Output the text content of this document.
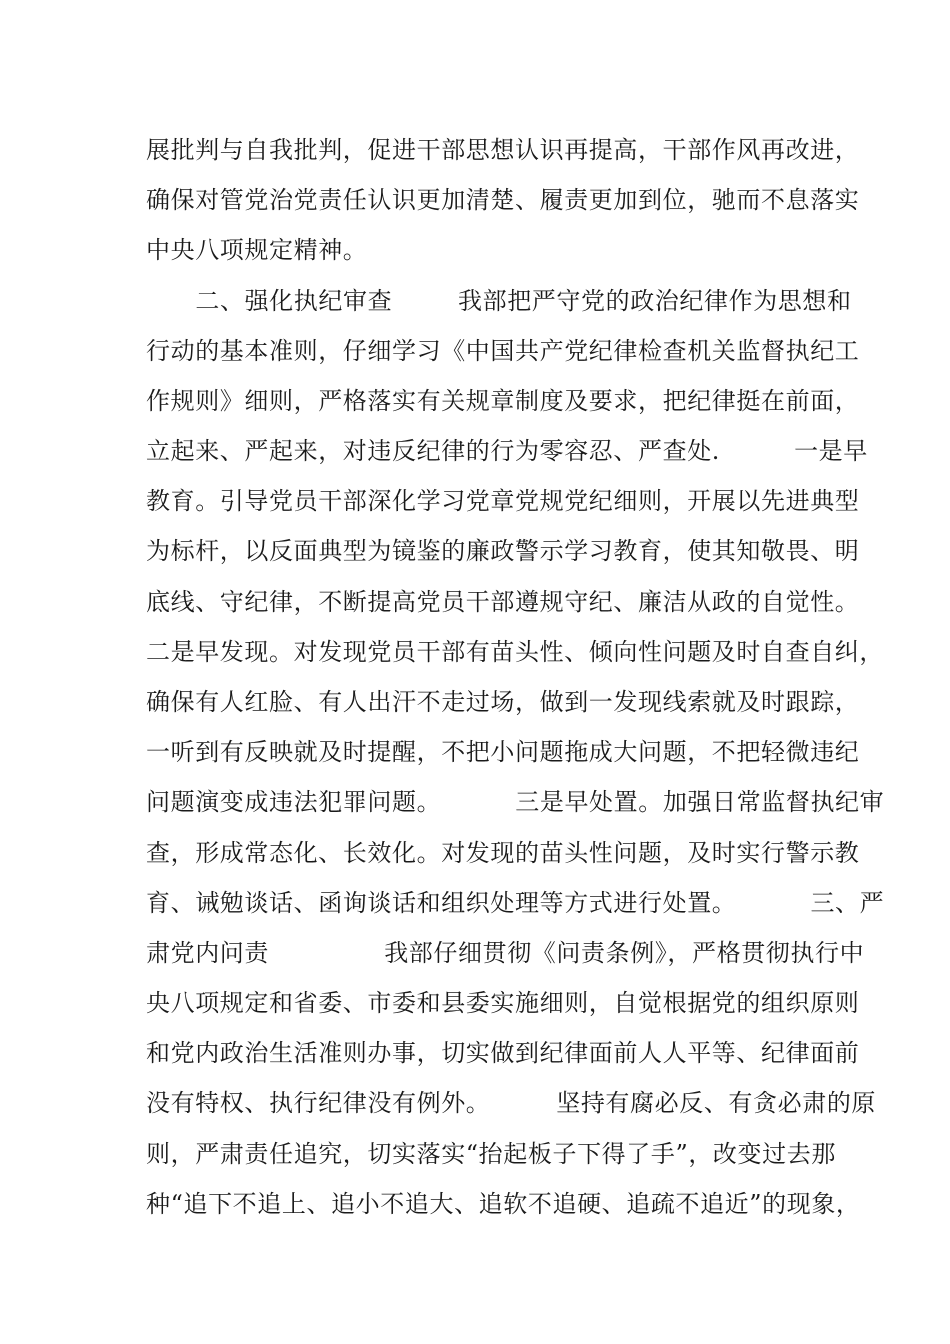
展批判与自我批判，促进干部思想认识再提高，干部作风再改进，
确保对管党治党责任认识更加清楚、履责更加到位，驰而不息落实
中央八项规定精神。
二、强化执纪审查        我部把严守党的政治纪律作为思想和
行动的基本准则，仔细学习《中国共产党纪律检查机关监督执纪工
作规则》细则，严格落实有关规章制度及要求，把纪律挺在前面，
立起来、严起来，对违反纪律的行为零容忍、严查处.         一是早
教育。引导党员干部深化学习党章党规党纪细则，开展以先进典型
为标杆，以反面典型为镜鉴的廉政警示学习教育，使其知敬畏、明
底线、守纪律，不断提高党员干部遵规守纪、廉洁从政的自觉性。
二是早发现。对发现党员干部有苗头性、倾向性问题及时自查自纠，
确保有人红脸、有人出汗不走过场，做到一发现线索就及时跟踪，
一听到有反映就及时提醒，不把小问题拖成大问题，不把轻微违纪
问题演变成违法犯罪问题。         三是早处置。加强日常监督执纪审
查，形成常态化、长效化。对发现的苗头性问题，及时实行警示教
育、诫勉谈话、函询谈话和组织处理等方式进行处置。         三、严
肃党内问责              我部仔细贯彻《问责条例》，严格贯彻执行中
央八项规定和省委、市委和县委实施细则，自觉根据党的组织原则
和党内政治生活准则办事，切实做到纪律面前人人平等、纪律面前
没有特权、执行纪律没有例外。        坚持有腐必反、有贪必肃的原
则，严肃责任追究，切实落实“抬起板子下得了手”，改变过去那
种“追下不追上、追小不追大、追软不追硬、追疏不追近”的现象，
